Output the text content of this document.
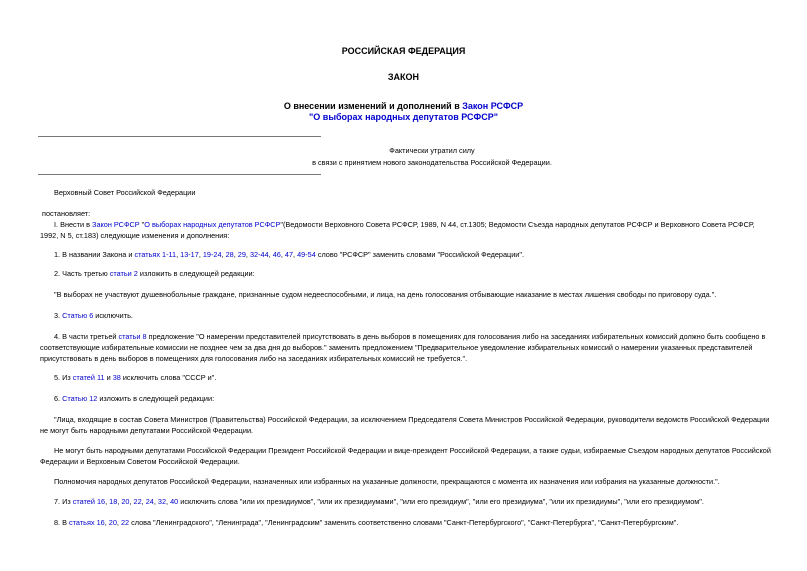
РОССИЙСКАЯ ФЕДЕРАЦИЯ
ЗАКОН
О внесении изменений и дополнений в Закон РСФСР
"О выборах народных депутатов РСФСР"
Фактически утратил силу
в связи с принятием нового законодательства Российской Федерации.
Верховный Совет Российской Федерации
постановляет:
I. Внести в Закон РСФСР "О выборах народных депутатов РСФСР"(Ведомости Верховного Совета РСФСР, 1989, N 44, ст.1305; Ведомости Съезда народных депутатов РСФСР и Верховного Совета РСФСР,
1992, N 5, ст.183) следующие изменения и дополнения:
1. В названии Закона и статьях 1-11, 13-17, 19-24, 28, 29, 32-44, 46, 47, 49-54 слово "РСФСР" заменить словами "Российской Федерации".
2. Часть третью статьи 2 изложить в следующей редакции:
"В выборах не участвуют душевнобольные граждане, признанные судом недееспособными, и лица, на день голосования отбывающие наказание в местах лишения свободы по приговору суда.".
3. Статью 6 исключить.
4. В части третьей статьи 8 предложение "О намерении представителей присутствовать в день выборов в помещениях для голосования либо на заседаниях избирательных комиссий должно быть сообщено в
соответствующие избирательные комиссии не позднее чем за два дня до выборов." заменить предложением "Предварительное уведомление избирательных комиссий о намерении указанных представителей
присутствовать в день выборов в помещениях для голосования либо на заседаниях избирательных комиссий не требуется.".
5. Из статей 11 и 38 исключить слова "СССР и".
6. Статью 12 изложить в следующей редакции:
"Лица, входящие в состав Совета Министров (Правительства) Российской Федерации, за исключением Председателя Совета Министров Российской Федерации, руководители ведомств Российской Федерации
не могут быть народными депутатами Российской Федерации.
Не могут быть народными депутатами Российской Федерации Президент Российской Федерации и вице-президент Российской Федерации, а также судьи, избираемые Съездом народных депутатов Российской
Федерации и Верховным Советом Российской Федерации.
Полномочия народных депутатов Российской Федерации, назначенных или избранных на указанные должности, прекращаются с момента их назначения или избрания на указанные должности.".
7. Из статей 16, 18, 20, 22, 24, 32, 40 исключить слова "или их президиумов", "или их президиумами", "или его президиум", "или его президиума", "или их президиумы", "или его президиумом".
8. В статьях 16, 20, 22 слова "Ленинградского", "Ленинграда", "Ленинградским" заменить соответственно словами "Санкт-Петербургского", "Санкт-Петербурга", "Санкт-Петербургским".
